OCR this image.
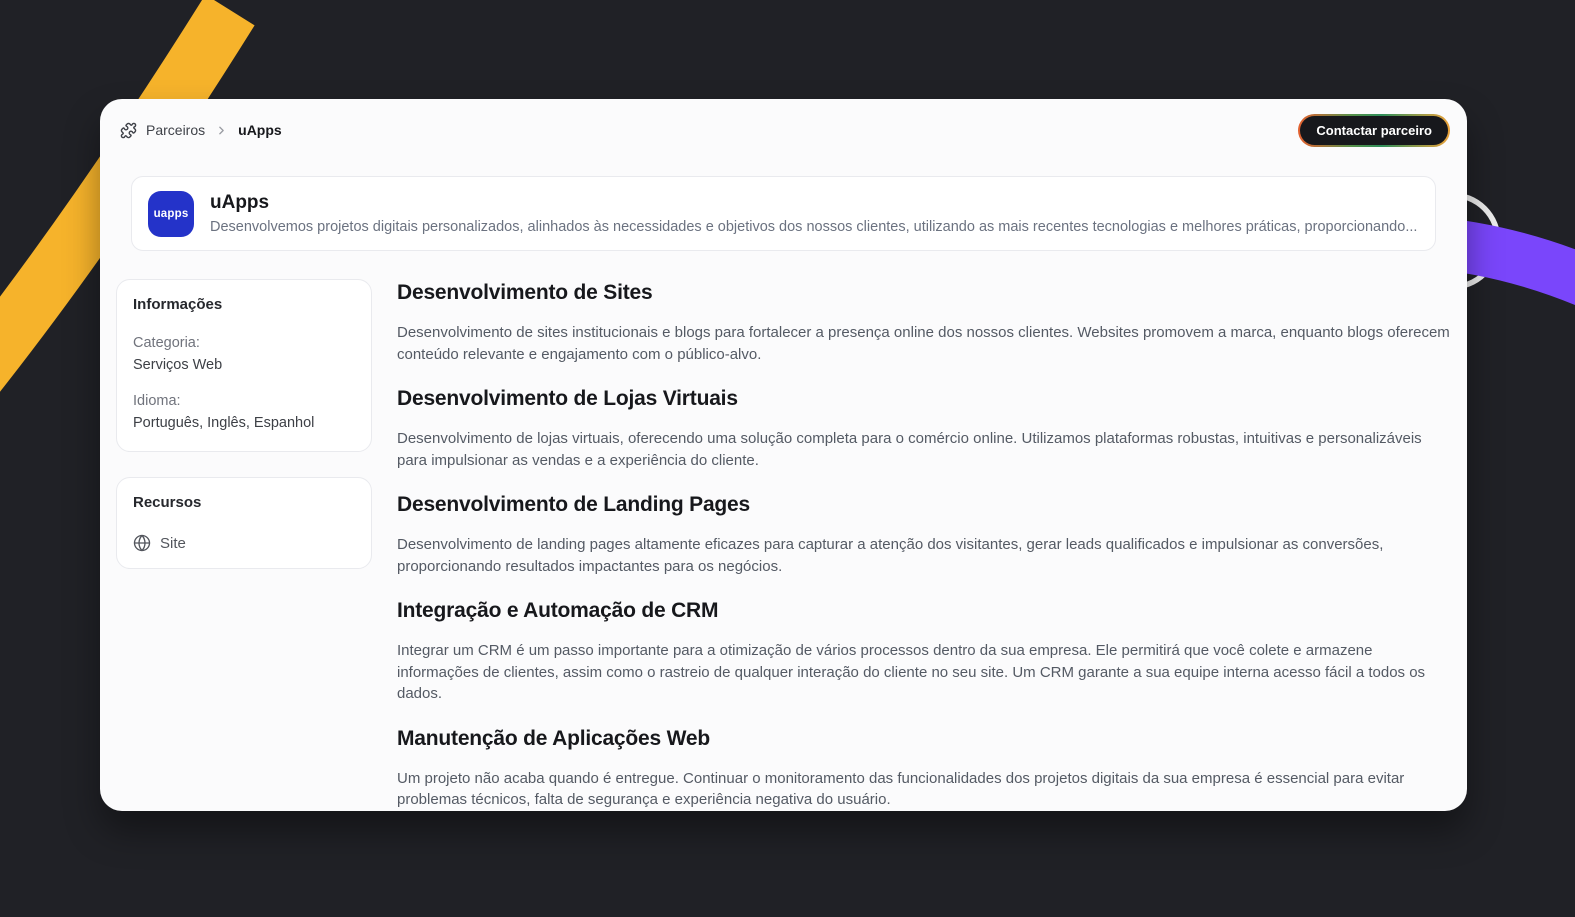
Parceiros uApps	Contactar parceiro
uapps
uApps
Desenvolvemos projetos digitais personalizados, alinhados às necessidades e objetivos dos nossos clientes, utilizando as mais recentes tecnologias e melhores práticas, proporcionando...
Informações
Categoria:
Serviços Web
Idioma:
Português, Inglês, Espanhol
Recursos
Site
Desenvolvimento de Sites

Desenvolvimento de sites institucionais e blogs para fortalecer a presença online dos nossos clientes. Websites promovem a marca, enquanto blogs oferecem conteúdo relevante e engajamento com o público-alvo.

Desenvolvimento de Lojas Virtuais

Desenvolvimento de lojas virtuais, oferecendo uma solução completa para o comércio online. Utilizamos plataformas robustas, intuitivas e personalizáveis para impulsionar as vendas e a experiência do cliente.

Desenvolvimento de Landing Pages

Desenvolvimento de landing pages altamente eficazes para capturar a atenção dos visitantes, gerar leads qualificados e impulsionar as conversões, proporcionando resultados impactantes para os negócios.

Integração e Automação de CRM

Integrar um CRM é um passo importante para a otimização de vários processos dentro da sua empresa. Ele permitirá que você colete e armazene informações de clientes, assim como o rastreio de qualquer interação do cliente no seu site. Um CRM garante a sua equipe interna acesso fácil a todos os dados.

Manutenção de Aplicações Web

Um projeto não acaba quando é entregue. Continuar o monitoramento das funcionalidades dos projetos digitais da sua empresa é essencial para evitar problemas técnicos, falta de segurança e experiência negativa do usuário.
